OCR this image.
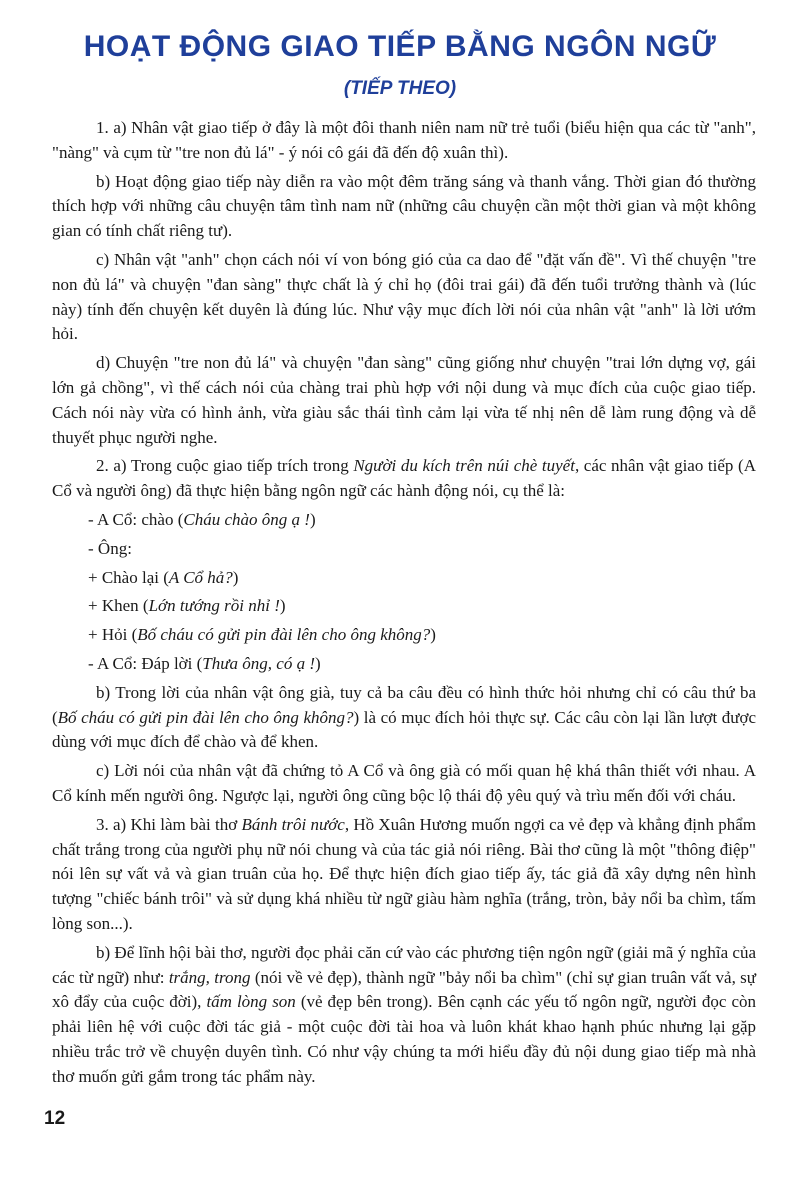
HOẠT ĐỘNG GIAO TIẾP BẰNG NGÔN NGỮ
(TIẾP THEO)

1. a) Nhân vật giao tiếp ở đây là một đôi thanh niên nam nữ trẻ tuổi (biểu hiện qua các từ "anh", "nàng" và cụm từ "tre non đủ lá" - ý nói cô gái đã đến độ xuân thì).

b) Hoạt động giao tiếp này diễn ra vào một đêm trăng sáng và thanh vắng. Thời gian đó thường thích hợp với những câu chuyện tâm tình nam nữ (những câu chuyện cần một thời gian và một không gian có tính chất riêng tư).

c) Nhân vật "anh" chọn cách nói ví von bóng gió của ca dao để "đặt vấn đề". Vì thế chuyện "tre non đủ lá" và chuyện "đan sàng" thực chất là ý chỉ họ (đôi trai gái) đã đến tuổi trưởng thành và (lúc này) tính đến chuyện kết duyên là đúng lúc. Như vậy mục đích lời nói của nhân vật "anh" là lời ướm hỏi.

d) Chuyện "tre non đủ lá" và chuyện "đan sàng" cũng giống như chuyện "trai lớn dựng vợ, gái lớn gả chồng", vì thế cách nói của chàng trai phù hợp với nội dung và mục đích của cuộc giao tiếp. Cách nói này vừa có hình ảnh, vừa giàu sắc thái tình cảm lại vừa tế nhị nên dễ làm rung động và dễ thuyết phục người nghe.

2. a) Trong cuộc giao tiếp trích trong Người du kích trên núi chè tuyết, các nhân vật giao tiếp (A Cổ và người ông) đã thực hiện bằng ngôn ngữ các hành động nói, cụ thể là:

- A Cổ: chào (Cháu chào ông ạ !)

- Ông:

+ Chào lại (A Cổ hả?)

+ Khen (Lớn tướng rồi nhỉ !)

+ Hỏi (Bố cháu có gửi pin đài lên cho ông không?)

- A Cổ: Đáp lời (Thưa ông, có ạ !)

b) Trong lời của nhân vật ông già, tuy cả ba câu đều có hình thức hỏi nhưng chỉ có câu thứ ba (Bố cháu có gửi pin đài lên cho ông không?) là có mục đích hỏi thực sự. Các câu còn lại lần lượt được dùng với mục đích để chào và để khen.

c) Lời nói của nhân vật đã chứng tỏ A Cổ và ông già có mối quan hệ khá thân thiết với nhau. A Cổ kính mến người ông. Ngược lại, người ông cũng bộc lộ thái độ yêu quý và trìu mến đối với cháu.

3. a) Khi làm bài thơ Bánh trôi nước, Hồ Xuân Hương muốn ngợi ca vẻ đẹp và khẳng định phẩm chất trắng trong của người phụ nữ nói chung và của tác giả nói riêng. Bài thơ cũng là một "thông điệp" nói lên sự vất vả và gian truân của họ. Để thực hiện đích giao tiếp ấy, tác giả đã xây dựng nên hình tượng "chiếc bánh trôi" và sử dụng khá nhiều từ ngữ giàu hàm nghĩa (trắng, tròn, bảy nổi ba chìm, tấm lòng son...).

b) Để lĩnh hội bài thơ, người đọc phải căn cứ vào các phương tiện ngôn ngữ (giải mã ý nghĩa của các từ ngữ) như: trắng, trong (nói về vẻ đẹp), thành ngữ "bảy nổi ba chìm" (chỉ sự gian truân vất vả, sự xô đẩy của cuộc đời), tấm lòng son (vẻ đẹp bên trong). Bên cạnh các yếu tố ngôn ngữ, người đọc còn phải liên hệ với cuộc đời tác giả - một cuộc đời tài hoa và luôn khát khao hạnh phúc nhưng lại gặp nhiều trắc trở về chuyện duyên tình. Có như vậy chúng ta mới hiểu đầy đủ nội dung giao tiếp mà nhà thơ muốn gửi gắm trong tác phẩm này.

12
